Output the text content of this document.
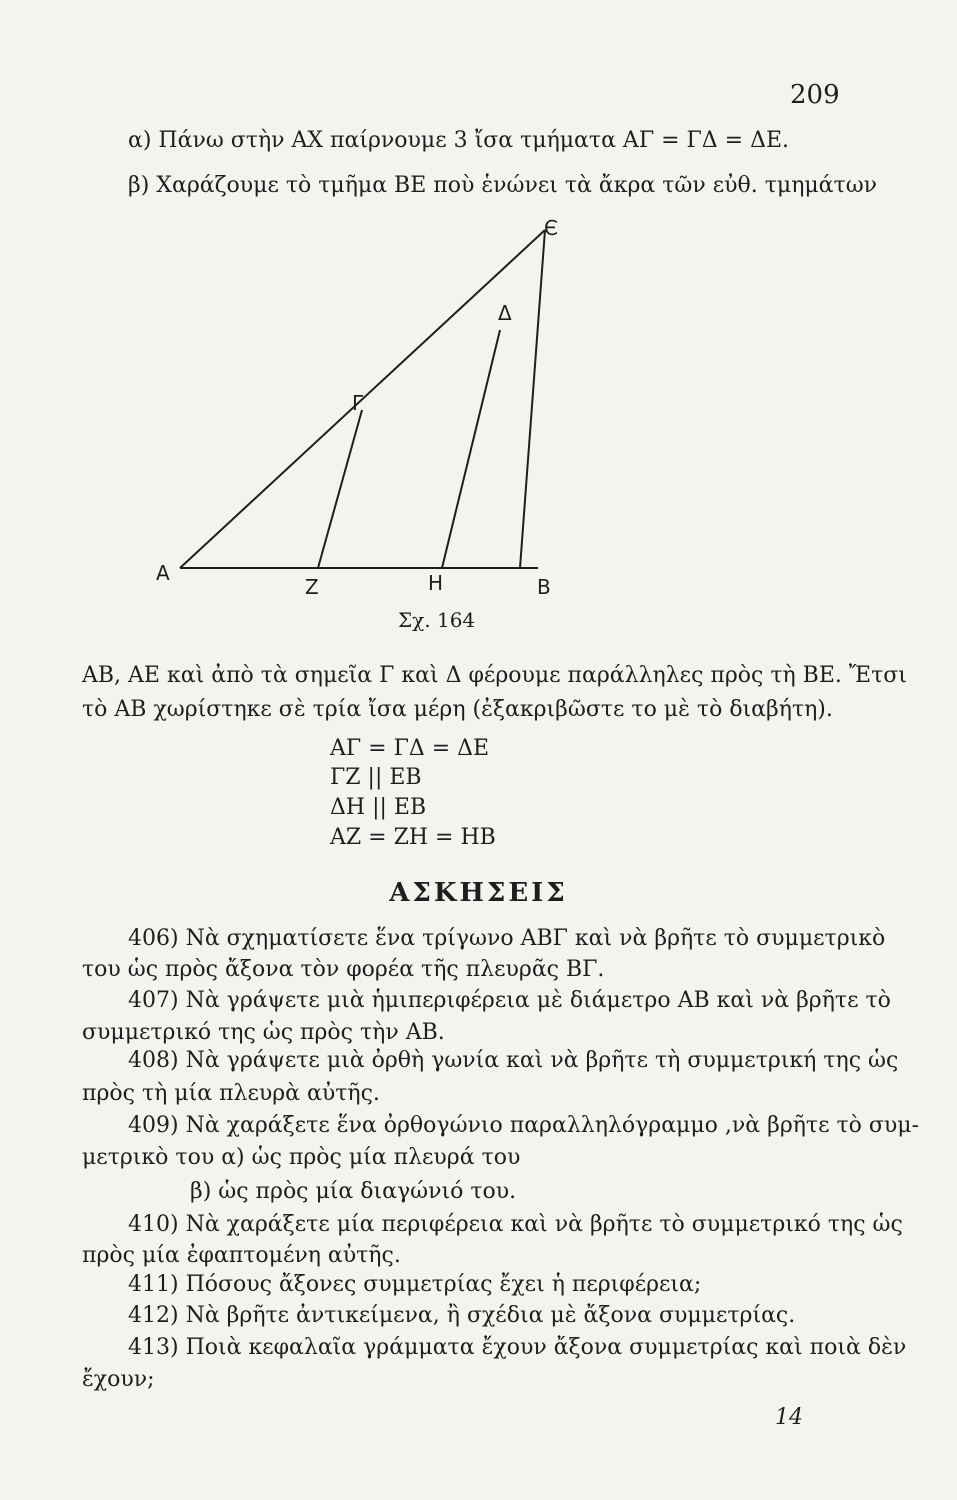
209
α) Πάνω στὴν ΑΧ παίρνουμε 3 ἴσα τμήματα ΑΓ = ΓΔ = ΔΕ.
β) Χαράζουμε τὸ τμῆμα ΒΕ ποὺ ἑνώνει τὰ ἄκρα τῶν εὐθ. τμημάτων
Α
Ζ	Η	Β
Γ
Δ
Є
Σχ. 164
ΑΒ, ΑΕ καὶ ἀπὸ τὰ σημεῖα Γ καὶ Δ φέρουμε παράλληλες πρὸς τὴ ΒΕ. Ἔτσι
τὸ ΑΒ χωρίστηκε σὲ τρία ἴσα μέρη (ἐξακριβῶστε το μὲ τὸ διαβήτη).
ΑΓ = ΓΔ = ΔΕ
ΓΖ || ΕΒ
ΔΗ || ΕΒ
ΑΖ = ΖΗ = ΗΒ
ΑΣΚΗΣΕΙΣ
406) Νὰ σχηματίσετε ἕνα τρίγωνο ΑΒΓ καὶ νὰ βρῆτε τὸ συμμετρικὸ
του ὡς πρὸς ἄξονα τὸν φορέα τῆς πλευρᾶς ΒΓ.
407) Νὰ γράψετε μιὰ ἡμιπεριφέρεια μὲ διάμετρο ΑΒ καὶ νὰ βρῆτε τὸ
συμμετρικό της ὡς πρὸς τὴν ΑΒ.
408) Νὰ γράψετε μιὰ ὀρθὴ γωνία καὶ νὰ βρῆτε τὴ συμμετρική της ὡς
πρὸς τὴ μία πλευρὰ αὐτῆς.
409) Νὰ χαράξετε ἕνα ὀρθογώνιο παραλληλόγραμμο ,νὰ βρῆτε τὸ συμ-
μετρικὸ του α) ὡς πρὸς μία πλευρά του
β) ὡς πρὸς μία διαγώνιό του.
410) Νὰ χαράξετε μία περιφέρεια καὶ νὰ βρῆτε τὸ συμμετρικό της ὡς
πρὸς μία ἐφαπτομένη αὐτῆς.
411) Πόσους ἄξονες συμμετρίας ἔχει ἡ περιφέρεια;
412) Νὰ βρῆτε ἀντικείμενα, ἢ σχέδια μὲ ἄξονα συμμετρίας.
413) Ποιὰ κεφαλαῖα γράμματα ἔχουν ἄξονα συμμετρίας καὶ ποιὰ δὲν
ἔχουν;
14
